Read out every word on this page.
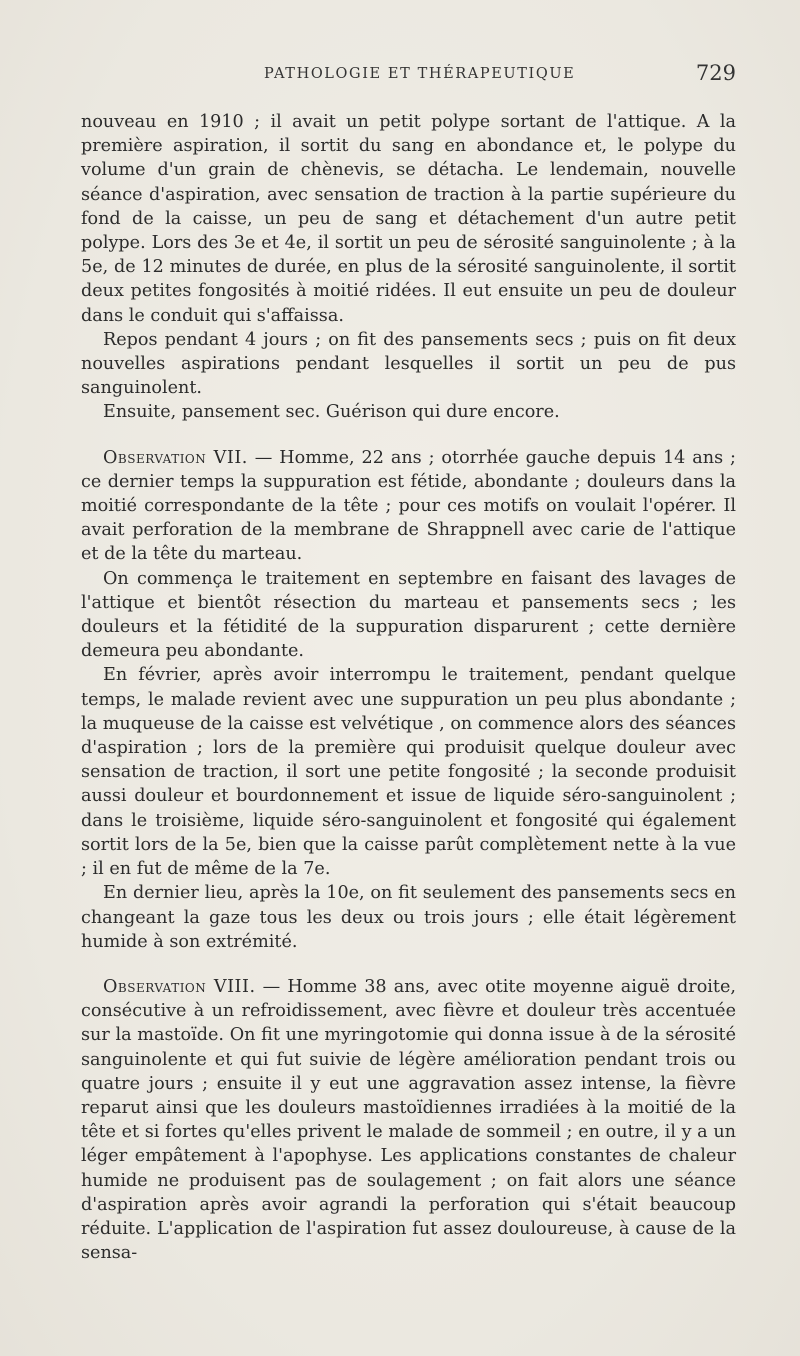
PATHOLOGIE ET THÉRAPEUTIQUE	729

nouveau en 1910 ; il avait un petit polype sortant de l'attique. A la première aspiration, il sortit du sang en abondance et, le polype du volume d'un grain de chènevis, se détacha. Le lendemain, nouvelle séance d'aspiration, avec sensation de traction à la partie supérieure du fond de la caisse, un peu de sang et détachement d'un autre petit polype. Lors des 3e et 4e, il sortit un peu de sérosité sanguinolente ; à la 5e, de 12 minutes de durée, en plus de la sérosité sanguinolente, il sortit deux petites fongosités à moitié ridées. Il eut ensuite un peu de douleur dans le conduit qui s'affaissa.

Repos pendant 4 jours ; on fit des pansements secs ; puis on fit deux nouvelles aspirations pendant lesquelles il sortit un peu de pus sanguinolent.

Ensuite, pansement sec. Guérison qui dure encore.

Observation VII. — Homme, 22 ans ; otorrhée gauche depuis 14 ans ; ce dernier temps la suppuration est fétide, abondante ; douleurs dans la moitié correspondante de la tête ; pour ces motifs on voulait l'opérer. Il avait perforation de la membrane de Shrappnell avec carie de l'attique et de la tête du marteau.

On commença le traitement en septembre en faisant des lavages de l'attique et bientôt résection du marteau et pansements secs ; les douleurs et la fétidité de la suppuration disparurent ; cette dernière demeura peu abondante.

En février, après avoir interrompu le traitement, pendant quelque temps, le malade revient avec une suppuration un peu plus abondante ; la muqueuse de la caisse est velvétique , on commence alors des séances d'aspiration ; lors de la première qui produisit quelque douleur avec sensation de traction, il sort une petite fongosité ; la seconde produisit aussi douleur et bourdonnement et issue de liquide séro-sanguinolent ; dans le troisième, liquide séro-sanguinolent et fongosité qui également sortit lors de la 5e, bien que la caisse parût complètement nette à la vue ; il en fut de même de la 7e.

En dernier lieu, après la 10e, on fit seulement des pansements secs en changeant la gaze tous les deux ou trois jours ; elle était légèrement humide à son extrémité.

Observation VIII. — Homme 38 ans, avec otite moyenne aiguë droite, consécutive à un refroidissement, avec fièvre et douleur très accentuée sur la mastoïde. On fit une myringotomie qui donna issue à de la sérosité sanguinolente et qui fut suivie de légère amélioration pendant trois ou quatre jours ; ensuite il y eut une aggravation assez intense, la fièvre reparut ainsi que les douleurs mastoïdiennes irradiées à la moitié de la tête et si fortes qu'elles privent le malade de sommeil ; en outre, il y a un léger empâtement à l'apophyse. Les applications constantes de chaleur humide ne produisent pas de soulagement ; on fait alors une séance d'aspiration après avoir agrandi la perforation qui s'était beaucoup réduite. L'application de l'aspiration fut assez douloureuse, à cause de la sensa-
